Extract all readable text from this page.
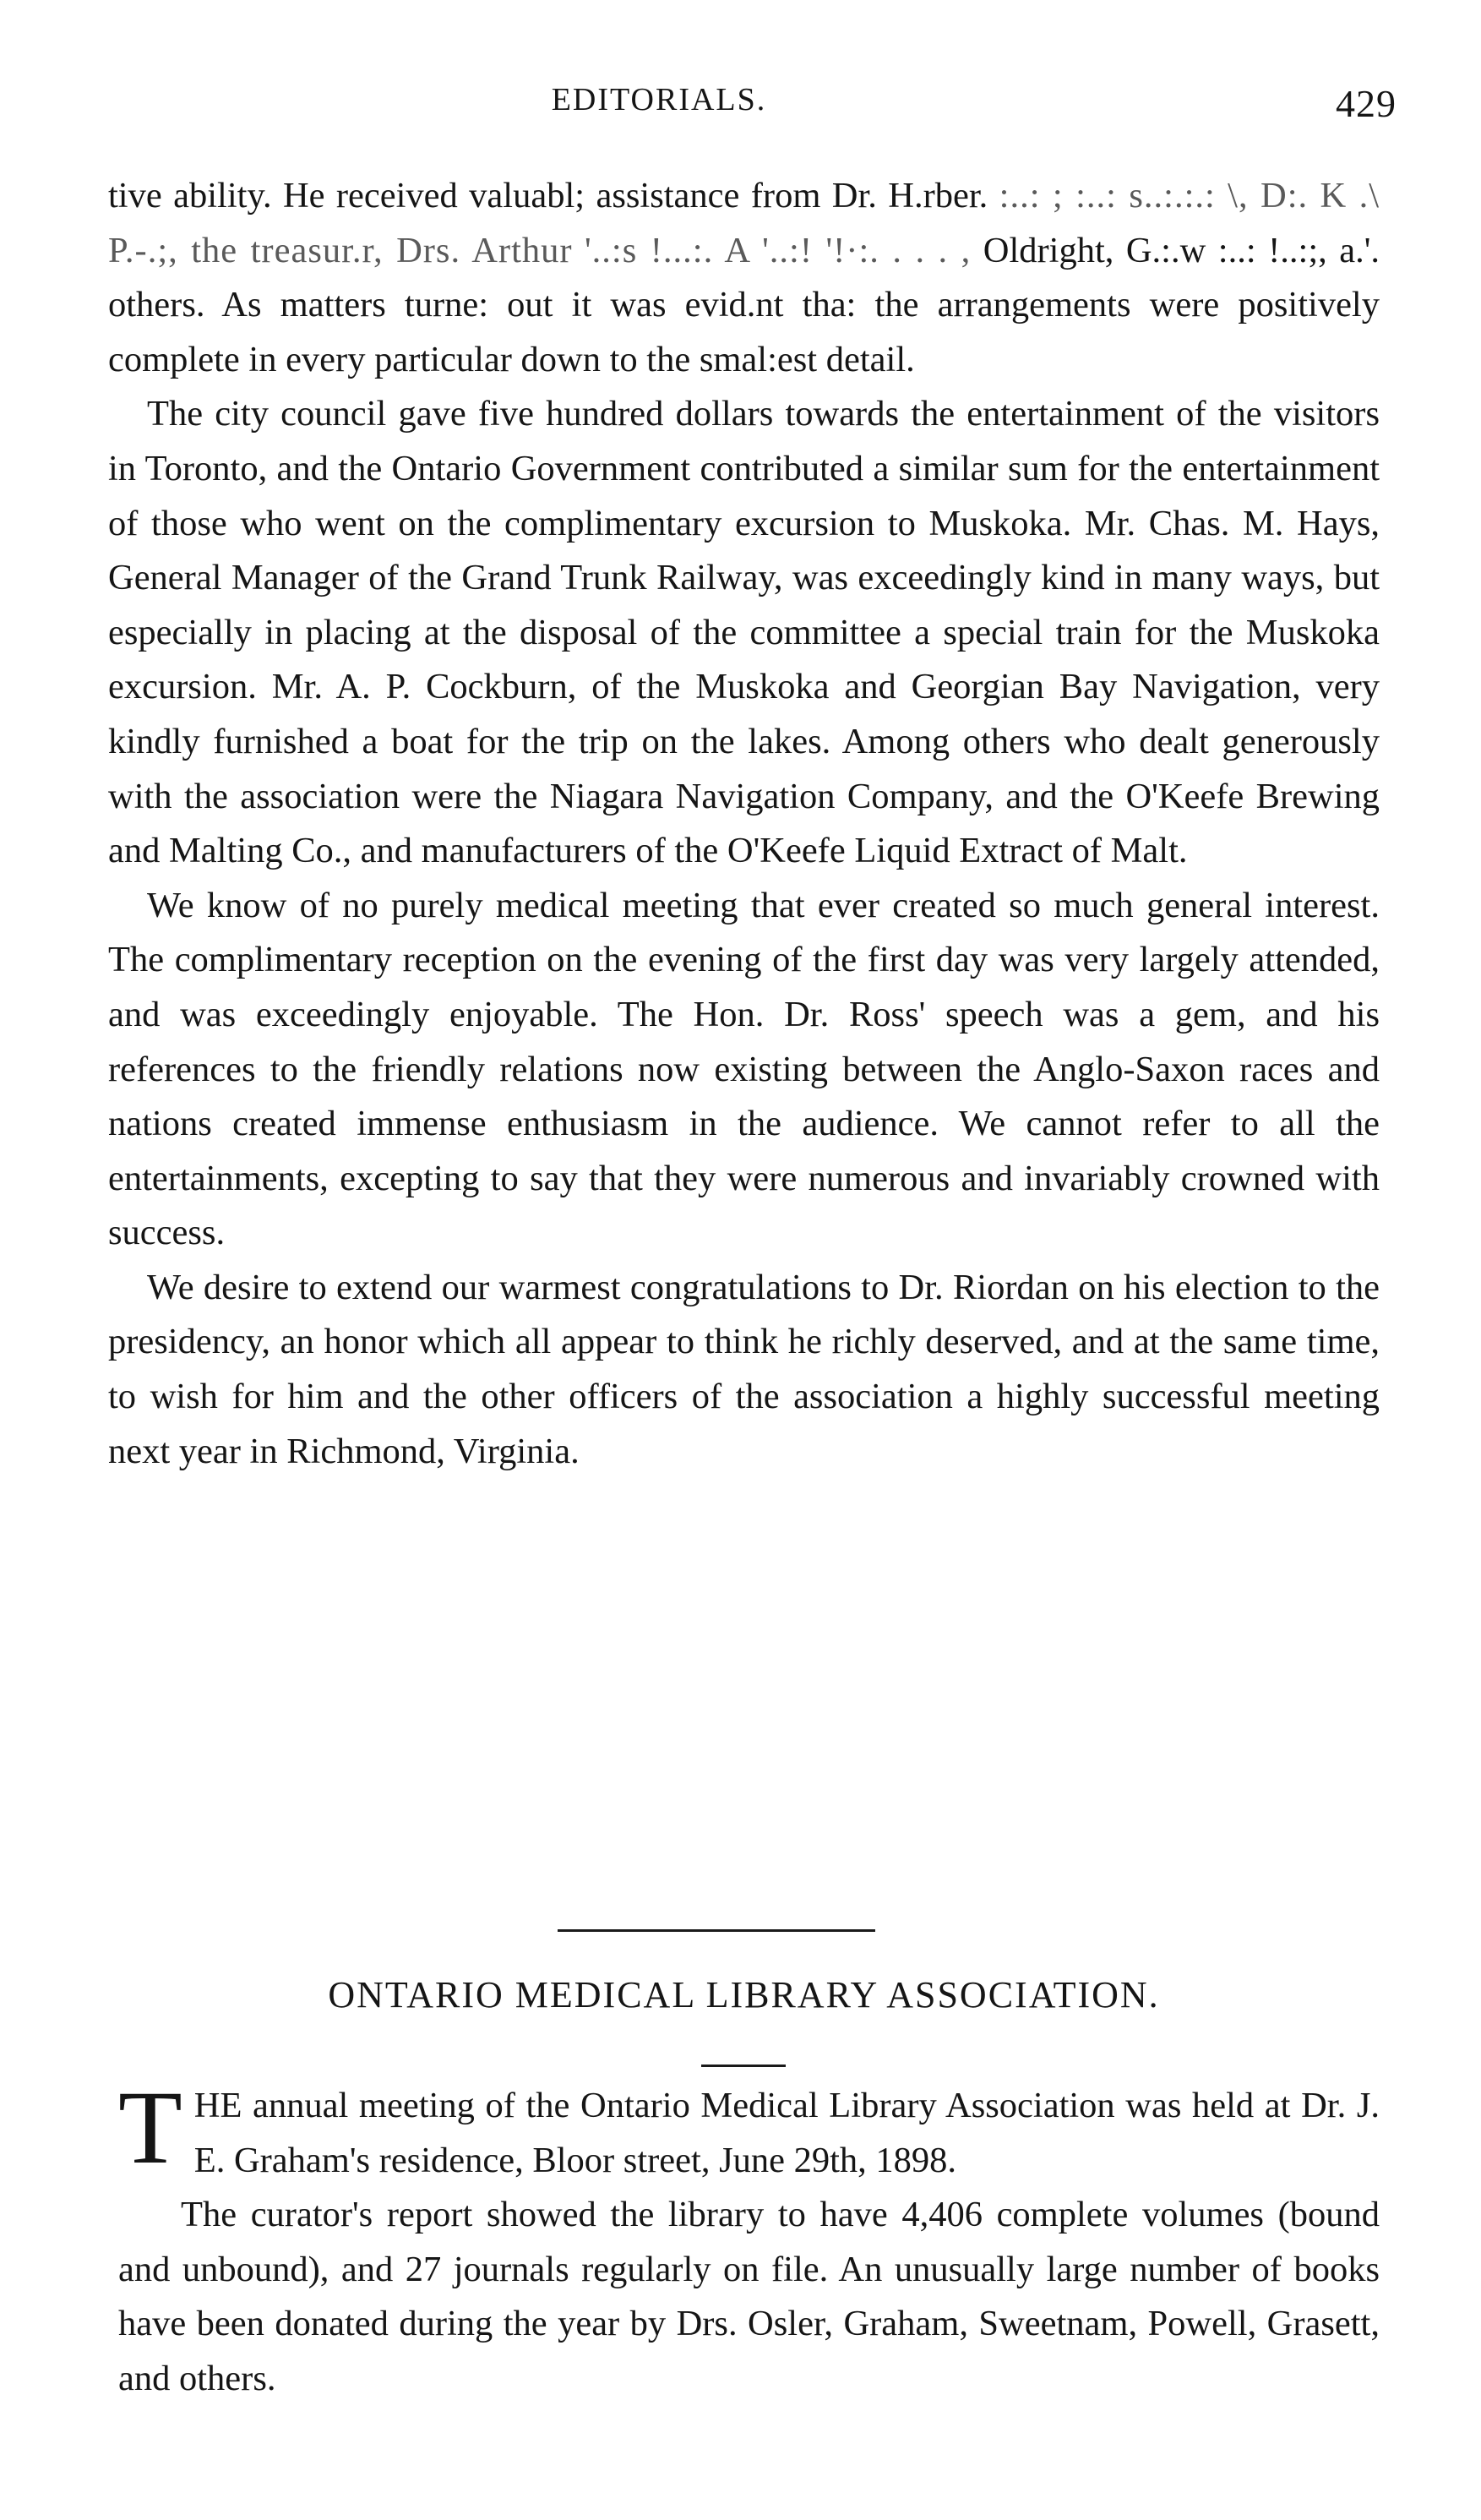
EDITORIALS.	429

tive ability. He received valuabl; assistance from Dr. H.rber. :..: ; :..: s..:.:.: \, D:. K .\ P.-.;, the treasur.r, Drs. Arthur '..:s !...:. A '..:! '!·:. . . . , Oldright, G.:.w :..: !..:;, a.'. others. As matters turne: out it was evid.nt tha: the arrangements were positively complete in every particular down to the smal:est detail.

The city council gave five hundred dollars towards the entertainment of the visitors in Toronto, and the Ontario Government contributed a similar sum for the entertainment of those who went on the complimentary excursion to Muskoka. Mr. Chas. M. Hays, General Manager of the Grand Trunk Railway, was exceedingly kind in many ways, but especially in placing at the disposal of the committee a special train for the Muskoka excursion. Mr. A. P. Cockburn, of the Muskoka and Georgian Bay Navigation, very kindly furnished a boat for the trip on the lakes. Among others who dealt generously with the association were the Niagara Navigation Company, and the O'Keefe Brewing and Malting Co., and manufacturers of the O'Keefe Liquid Extract of Malt.

We know of no purely medical meeting that ever created so much general interest. The complimentary reception on the evening of the first day was very largely attended, and was exceedingly enjoyable. The Hon. Dr. Ross' speech was a gem, and his references to the friendly relations now existing between the Anglo-Saxon races and nations created immense enthusiasm in the audience. We cannot refer to all the entertainments, excepting to say that they were numerous and invariably crowned with success.

We desire to extend our warmest congratulations to Dr. Riordan on his election to the presidency, an honor which all appear to think he richly deserved, and at the same time, to wish for him and the other officers of the association a highly successful meeting next year in Richmond, Virginia.

ONTARIO MEDICAL LIBRARY ASSOCIATION.

THE annual meeting of the Ontario Medical Library Association was held at Dr. J. E. Graham's residence, Bloor street, June 29th, 1898.

The curator's report showed the library to have 4,406 complete volumes (bound and unbound), and 27 journals regularly on file. An unusually large number of books have been donated during the year by Drs. Osler, Graham, Sweetnam, Powell, Grasett, and others.
